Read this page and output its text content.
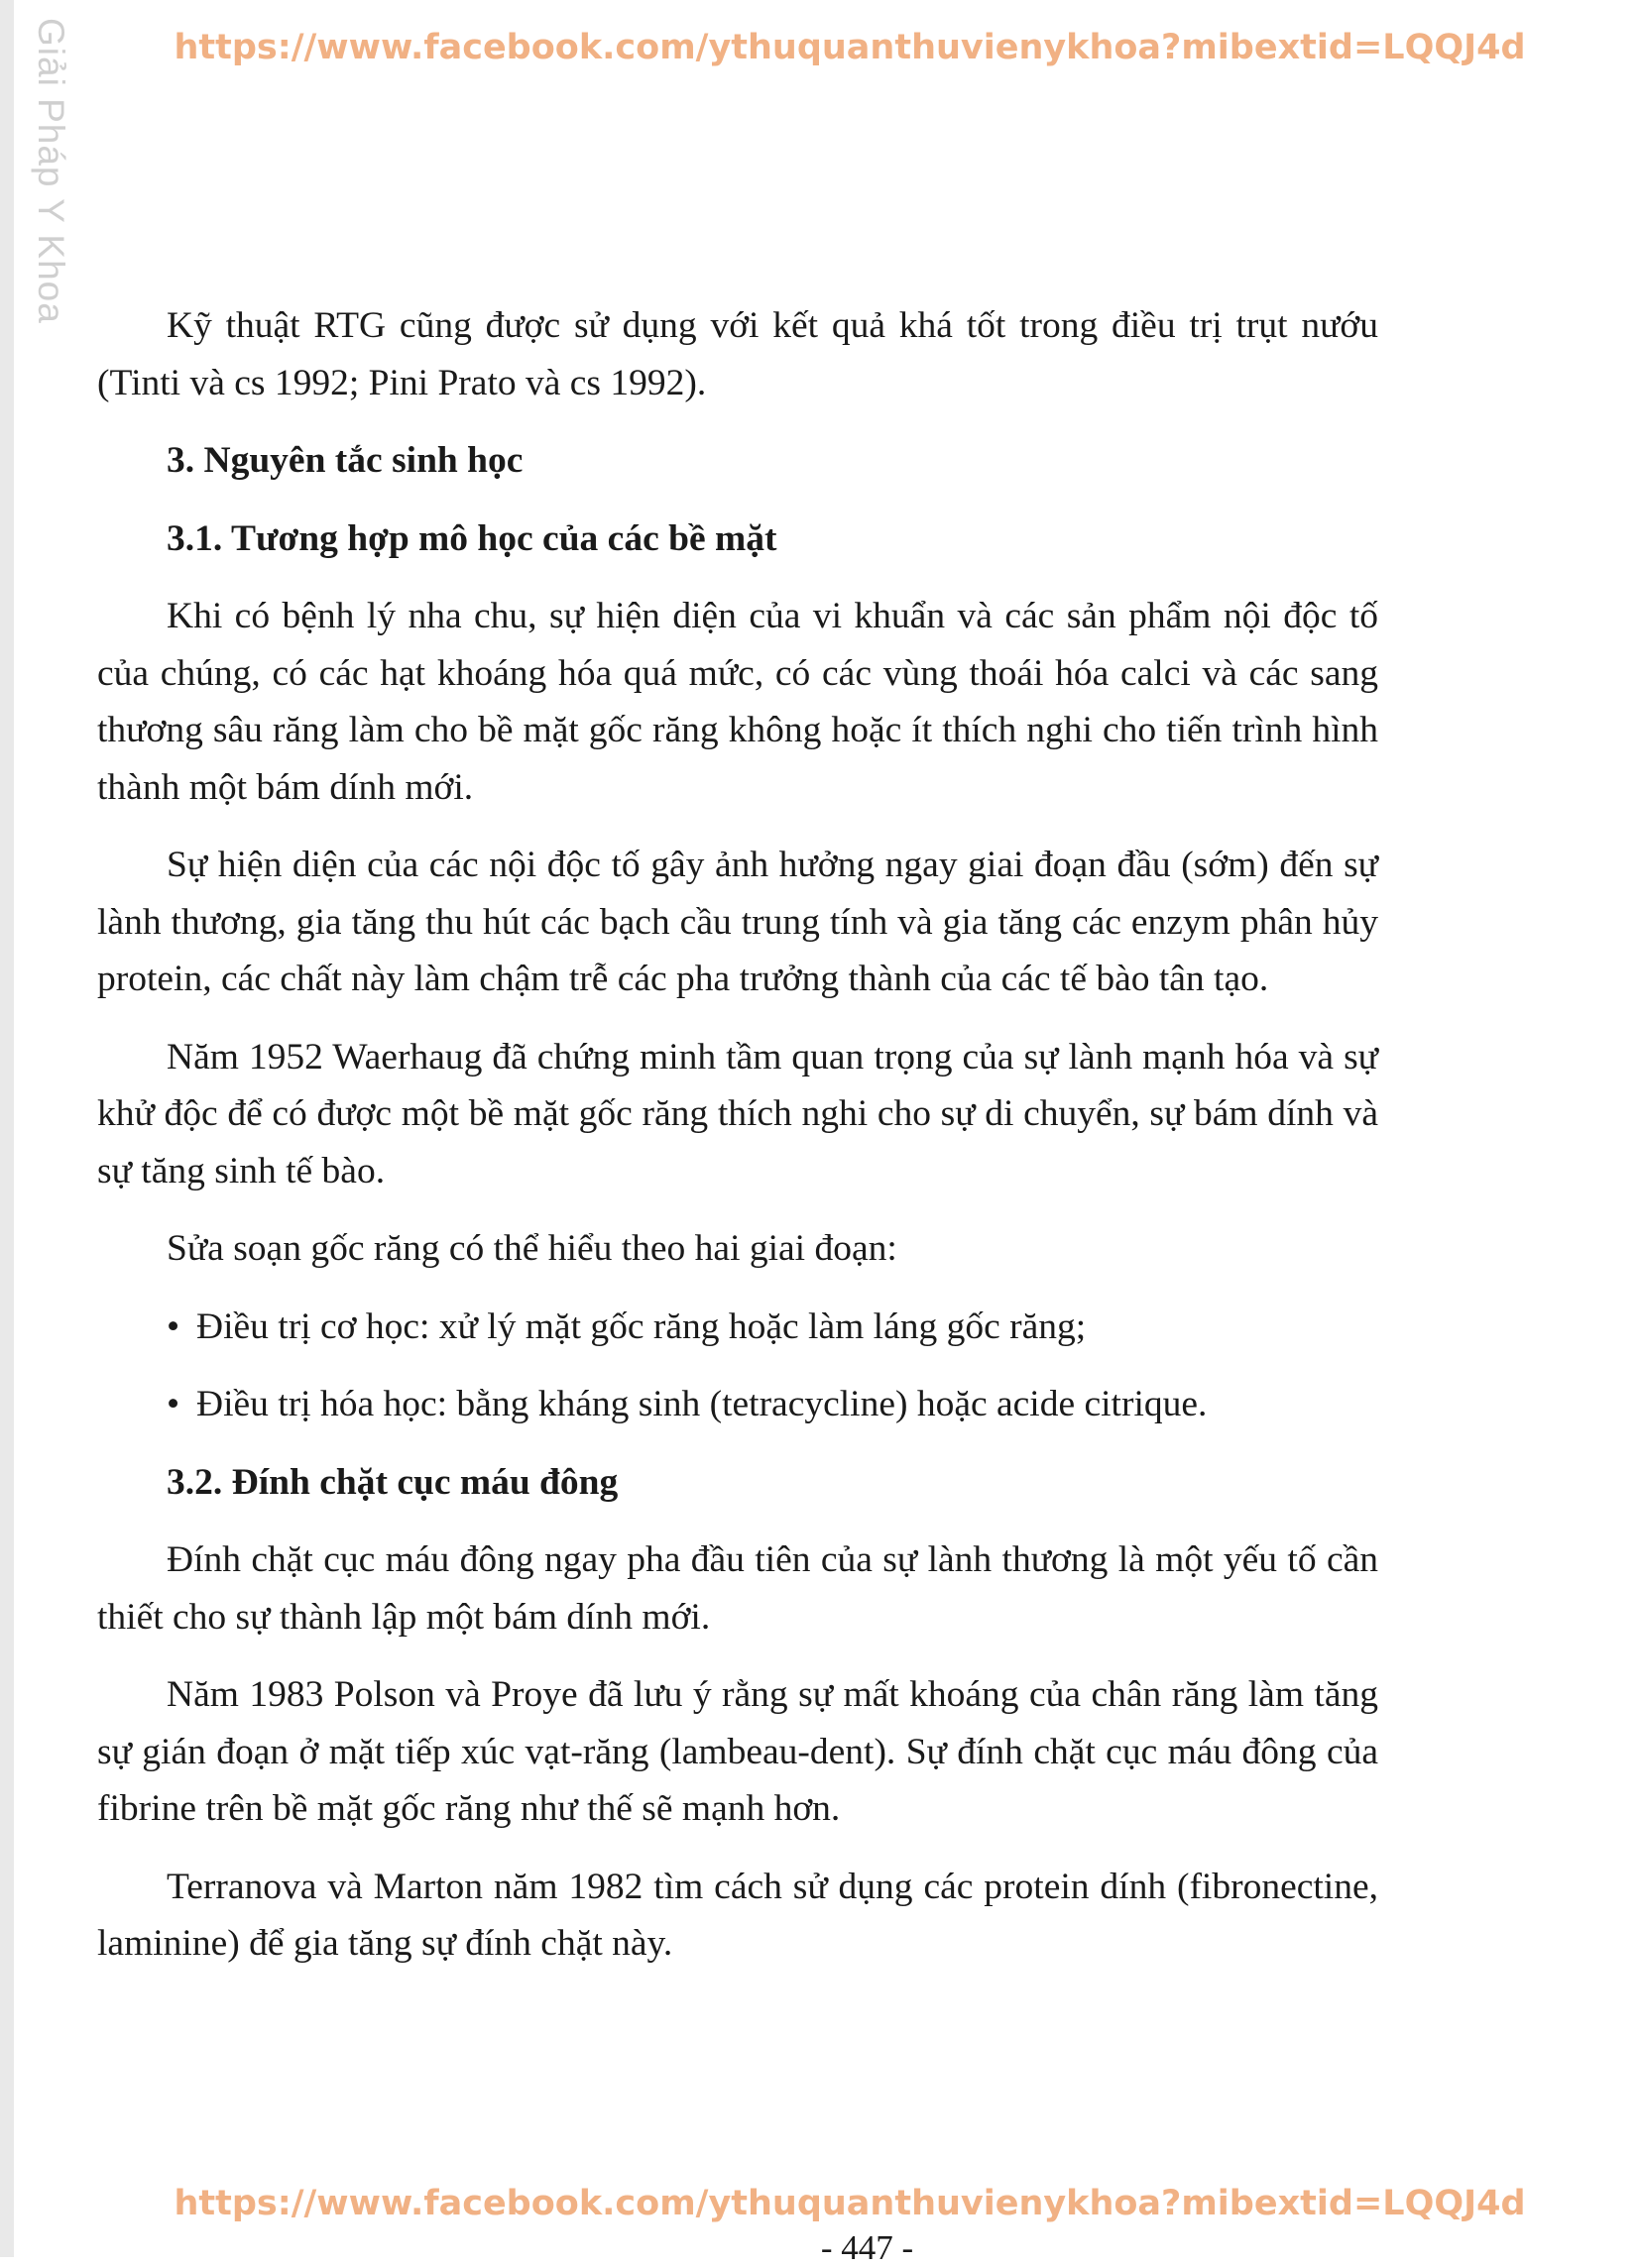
Giải Pháp Y Khoa	https://www.facebook.com/ythuquanthuvienykhoa?mibextid=LQQJ4d

Kỹ thuật RTG cũng được sử dụng với kết quả khá tốt trong điều trị trụt nướu (Tinti và cs 1992; Pini Prato và cs 1992).

3. Nguyên tắc sinh học
3.1. Tương hợp mô học của các bề mặt

Khi có bệnh lý nha chu, sự hiện diện của vi khuẩn và các sản phẩm nội độc tố của chúng, có các hạt khoáng hóa quá mức, có các vùng thoái hóa calci và các sang thương sâu răng làm cho bề mặt gốc răng không hoặc ít thích nghi cho tiến trình hình thành một bám dính mới.

Sự hiện diện của các nội độc tố gây ảnh hưởng ngay giai đoạn đầu (sớm) đến sự lành thương, gia tăng thu hút các bạch cầu trung tính và gia tăng các enzym phân hủy protein, các chất này làm chậm trễ các pha trưởng thành của các tế bào tân tạo.

Năm 1952 Waerhaug đã chứng minh tầm quan trọng của sự lành mạnh hóa và sự khử độc để có được một bề mặt gốc răng thích nghi cho sự di chuyển, sự bám dính và sự tăng sinh tế bào.

Sửa soạn gốc răng có thể hiểu theo hai giai đoạn:

• Điều trị cơ học: xử lý mặt gốc răng hoặc làm láng gốc răng;
• Điều trị hóa học: bằng kháng sinh (tetracycline) hoặc acide citrique.
3.2. Đính chặt cục máu đông

Đính chặt cục máu đông ngay pha đầu tiên của sự lành thương là một yếu tố cần thiết cho sự thành lập một bám dính mới.

Năm 1983 Polson và Proye đã lưu ý rằng sự mất khoáng của chân răng làm tăng sự gián đoạn ở mặt tiếp xúc vạt-răng (lambeau-dent). Sự đính chặt cục máu đông của fibrine trên bề mặt gốc răng như thế sẽ mạnh hơn.

Terranova và Marton năm 1982 tìm cách sử dụng các protein dính (fibronectine, laminine) để gia tăng sự đính chặt này.

https://www.facebook.com/ythuquanthuvienykhoa?mibextid=LQQJ4d
- 447 -
